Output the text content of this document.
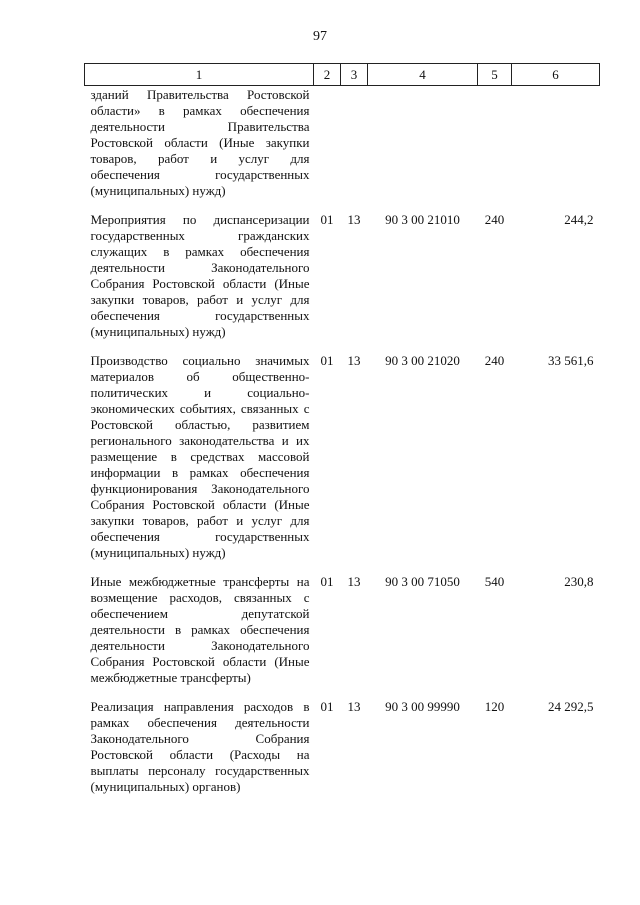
97
1	2	3	4	5	6
зданий Правительства Ростовской области» в рамках обеспечения деятельности Правительства Ростовской области (Иные закупки товаров, работ и услуг для обеспечения государственных (муниципальных) нужд)					
Мероприятия по диспансеризации государственных гражданских служащих в рамках обеспечения деятельности Законодательного Собрания Ростовской области (Иные закупки товаров, работ и услуг для обеспечения государственных (муниципальных) нужд)	01	13	90 3 00 21010	240	244,2
Производство социально значимых материалов об общественно-политических и социально-экономических событиях, связанных с Ростовской областью, развитием регионального законодательства и их размещение в средствах массовой информации в рамках обеспечения функционирования Законодательного Собрания Ростовской области (Иные закупки товаров, работ и услуг для обеспечения государственных (муниципальных) нужд)	01	13	90 3 00 21020	240	33 561,6
Иные межбюджетные трансферты на возмещение расходов, связанных с обеспечением депутатской деятельности в рамках обеспечения деятельности Законодательного Собрания Ростовской области (Иные межбюджетные трансферты)	01	13	90 3 00 71050	540	230,8
Реализация направления расходов в рамках обеспечения деятельности Законодательного Собрания Ростовской области (Расходы на выплаты персоналу государственных (муниципальных) органов)	01	13	90 3 00 99990	120	24 292,5
